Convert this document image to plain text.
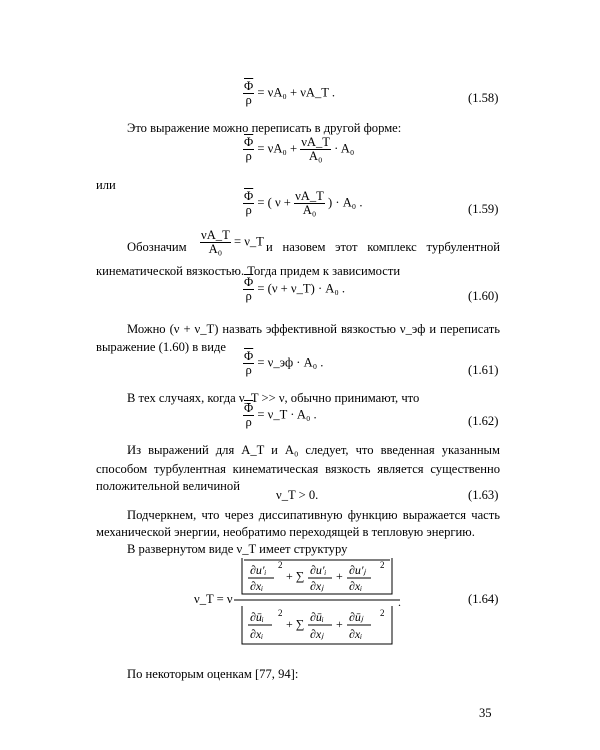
$\frac{\overline{\Phi}}{\rho} = \nu A_0$ + νA_T .	(1.58)
Это выражение можно переписать в другой форме:
$\frac{\overline{\Phi}}{\rho} = \nu A_0 + \frac{\nu A\_T}{\text{A₀}} \cdot A_0$
или
$\frac{\overline{\Phi}}{\rho}$ = ( $\nu + \frac{\nu A\_T}{\text{A₀}}$ ) · A₀ .	(1.59)
Обозначим $\frac{\nu A\_T}{\text{A₀}}$ = ν_T и назовем этот комплекс турбулентной
кинематической вязкостью. Тогда придем к зависимости
$\frac{\overline{\Phi}}{\rho} = (\nu$ + ν_T) · A₀ .
(1.60)
Можно (ν + ν_T) назвать эффективной вязкостью ν_эф и переписать
выражение (1.60) в виде
$\frac{\overline{\Phi}}{\rho}$ = ν_эф · A₀ .
(1.61)
В тех случаях, когда ν_T >> ν, обычно принимают, что
$\frac{\overline{\Phi}}{\rho}$ = ν_T · A₀ .	(1.62)
Из выражений для A_T и A₀ следует, что введенная указанным
способом турбулентная кинематическая вязкость является существенно
положительной величиной
ν_T > 0.	(1.63)
Подчеркнем, что через диссипативную функцию выражается часть
механической энергии, необратимо переходящей в тепловую энергию.
В развернутом виде ν_T имеет структуру
ν_T = ν
∂u′ᵢ
∂xᵢ
2
+ ∑ ∂u′ᵢ
∂xⱼ
+ ∂u′ⱼ
∂xᵢ
2
∂ūᵢ
∂xᵢ
2
+ ∑ ∂ūᵢ
∂xⱼ
+ ∂ūⱼ
∂xᵢ
2
.	(1.64)
По некоторым оценкам [77, 94]:
35
